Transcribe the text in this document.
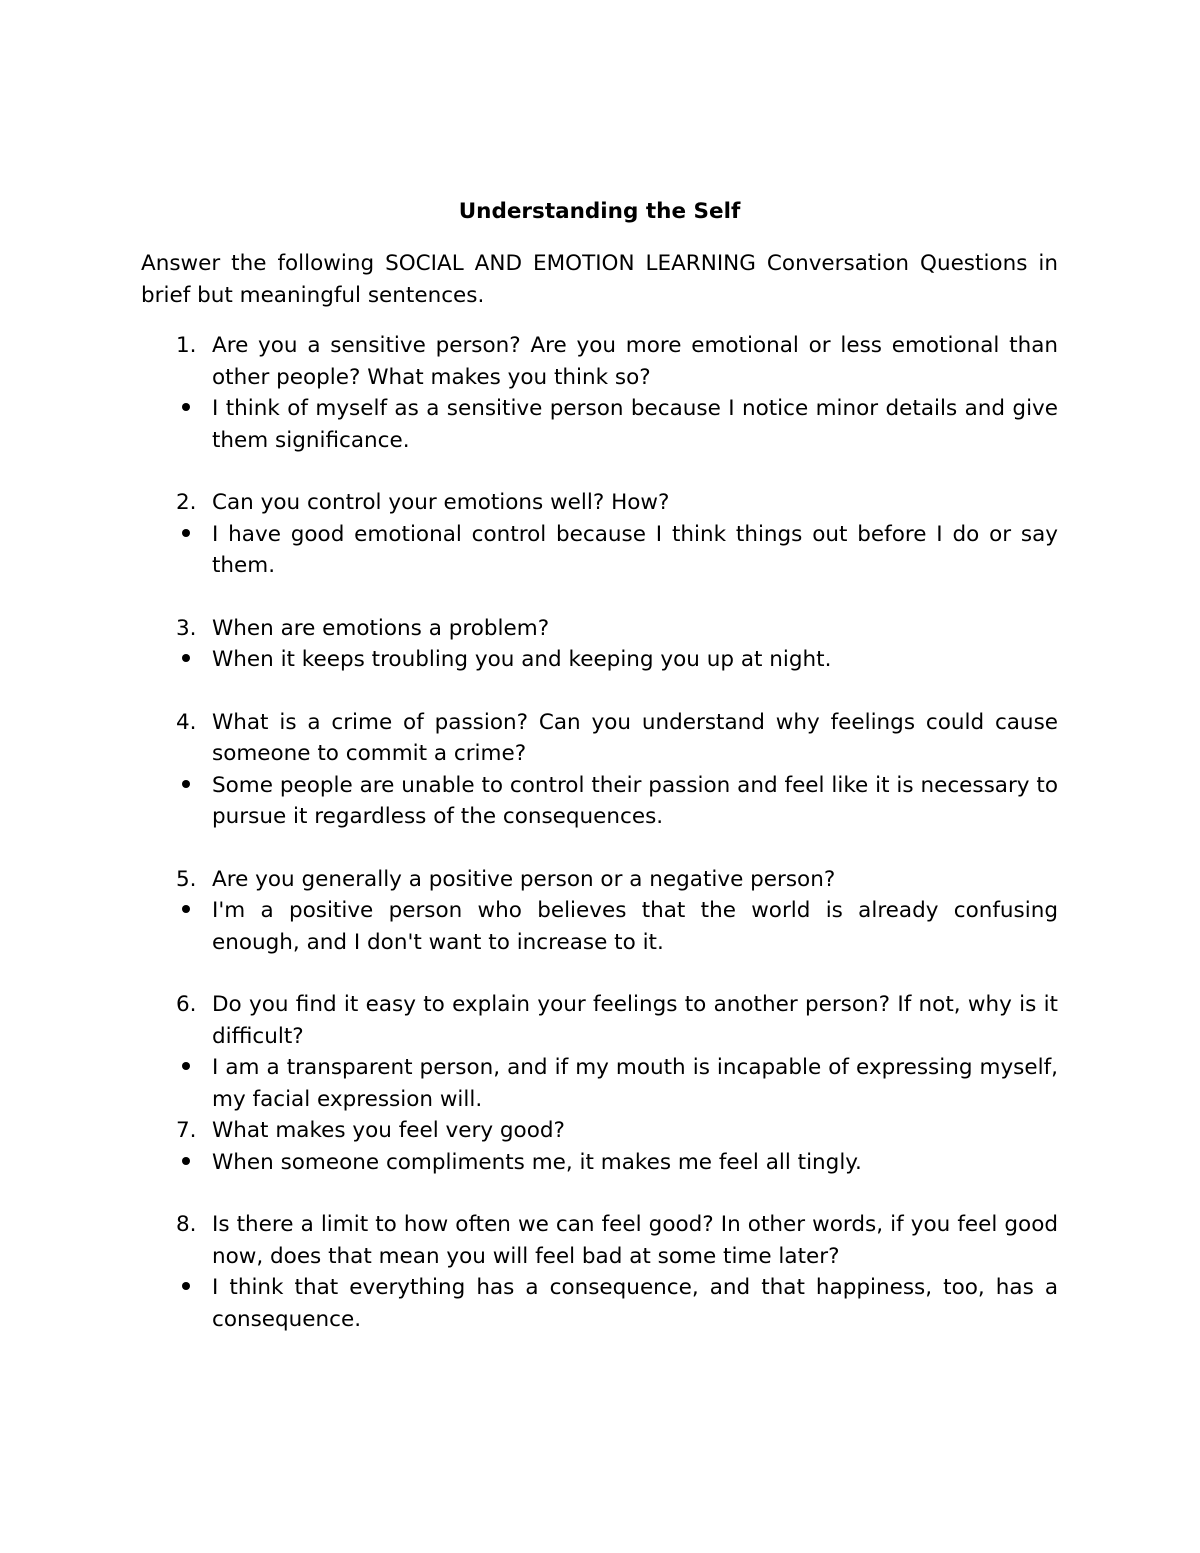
Understanding the Self

Answer the following SOCIAL AND EMOTION LEARNING Conversation Questions in brief but meaningful sentences.

1. Are you a sensitive person? Are you more emotional or less emotional than other people? What makes you think so?

I think of myself as a sensitive person because I notice minor details and give them significance.

2. Can you control your emotions well? How?

I have good emotional control because I think things out before I do or say them.

3. When are emotions a problem?

When it keeps troubling you and keeping you up at night.

4. What is a crime of passion? Can you understand why feelings could cause someone to commit a crime?

Some people are unable to control their passion and feel like it is necessary to pursue it regardless of the consequences.

5. Are you generally a positive person or a negative person?

I'm a positive person who believes that the world is already confusing enough, and I don't want to increase to it.

6. Do you find it easy to explain your feelings to another person? If not, why is it difficult?

I am a transparent person, and if my mouth is incapable of expressing myself, my facial expression will.

7. What makes you feel very good?

When someone compliments me, it makes me feel all tingly.

8. Is there a limit to how often we can feel good? In other words, if you feel good now, does that mean you will feel bad at some time later?

I think that everything has a consequence, and that happiness, too, has a consequence.
